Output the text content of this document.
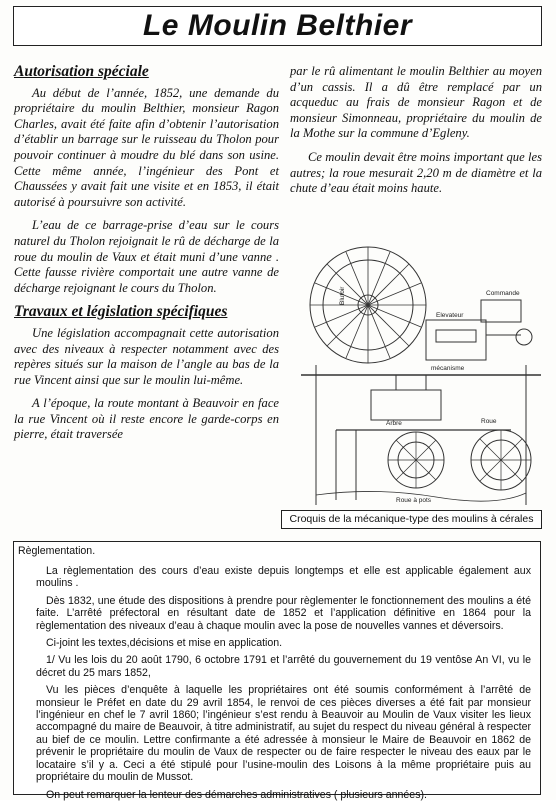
Le Moulin Belthier
Autorisation spéciale

Au début de l’année, 1852, une demande du propriétaire du moulin Belthier, monsieur Ragon Charles, avait été faite afin d’obtenir l’autorisation d’établir un barrage sur le ruisseau du Tholon pour pouvoir continuer à moudre du blé dans son usine. Cette même année, l’ingénieur des Pont et Chaussées y avait fait une visite et en 1853, il était autorisé à poursuivre son activité.

L’eau de ce barrage-prise d’eau sur le cours naturel du Tholon rejoignait le rû de décharge de la roue du moulin de Vaux et était muni d’une vanne . Cette fausse rivière comportait une autre vanne de décharge rejoignant le cours du Tholon.

Travaux et législation spécifiques

Une législation accompagnait cette autorisation avec des niveaux à respecter notamment avec des repères situés sur la maison de l’angle au bas de la rue Vincent ainsi que sur le moulin lui-même.

A l’époque, la route montant à Beauvoir en face la rue Vincent où il reste encore le garde-corps en pierre, était traversée

par le rû alimentant le moulin Belthier au moyen d’un cassis. Il a dû être remplacé par un acqueduc au frais de monsieur Ragon et de monsieur Simonneau, propriétaire du moulin de la Mothe sur la commune d’Egleny.

Ce moulin devait être moins important que les autres; la roue mesurait 2,20 m de diamètre et la chute d’eau était moins haute.

Blutoir
Elevateur
Commande
mécanisme
Arbre	Roue
Roue à pots
Croquis de la mécanique-type des moulins à cérales
Règlementation.

La règlementation des cours d’eau existe depuis longtemps et elle est applicable également aux moulins .

Dès 1832, une étude des dispositions à prendre pour règlementer le fonctionnement des moulins a été faite. L’arrêté préfectoral en résultant date de 1852 et l’application définitive en 1864 pour la règlementation des niveaux d’eau à chaque moulin avec la pose de nouvelles vannes et déversoirs.

Ci-joint les textes,décisions et mise en application.

1/ Vu les lois du 20 août 1790, 6 octobre 1791 et l’arrêté du gouvernement du 19 ventôse An VI, vu le décret du 25 mars 1852,

Vu les pièces d’enquête à laquelle les propriétaires ont été soumis conformément à l’arrêté de monsieur le Préfet en date du 29 avril 1854, le renvoi de ces pièces diverses a été fait par monsieur l’ingénieur en chef le 7 avril 1860; l’ingénieur s’est rendu à Beauvoir au Moulin de Vaux visiter les lieux accompagné du maire de Beauvoir, à titre administratif, au sujet du respect du niveau général à respecter au bief de ce moulin. Lettre confirmante a été adressée à monsieur le Maire de Beauvoir en 1862 de prévenir le propriétaire du moulin de Vaux de respecter ou de faire respecter le niveau des eaux par le locataire s’il y a. Ceci a été stipulé pour l’usine-moulin des Loisons à la même propriétaire puis au propriétaire du moulin de Mussot.

On peut remarquer la lenteur des démarches administratives ( plusieurs années).
